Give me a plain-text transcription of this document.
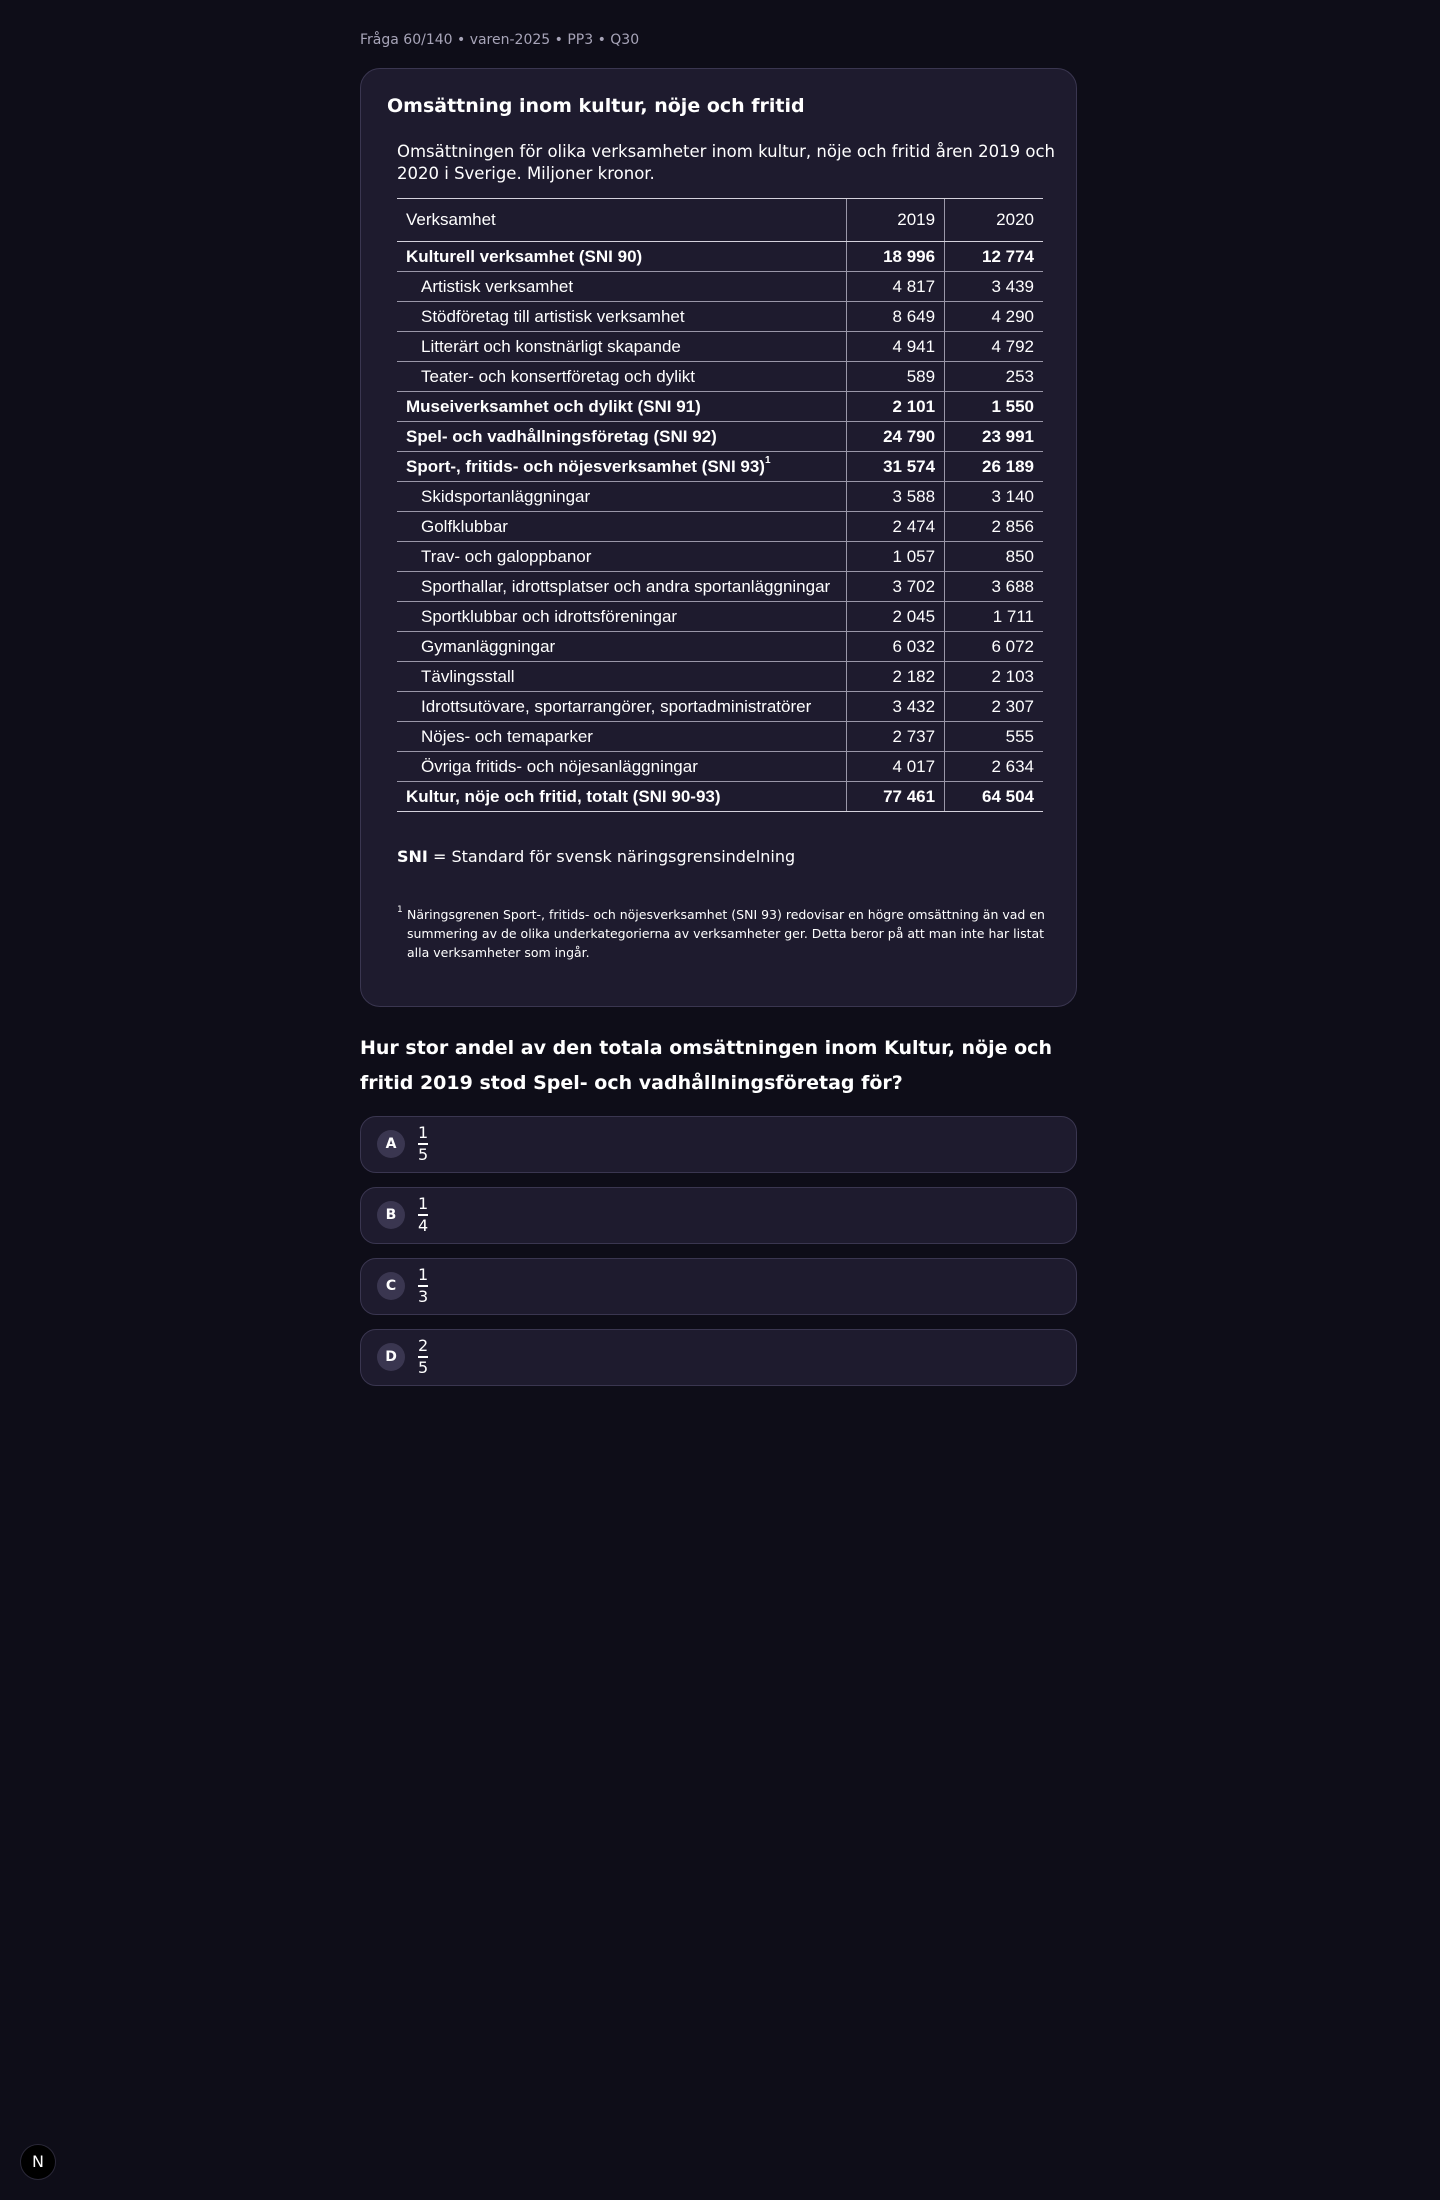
Fråga 60/140 • varen-2025 • PP3 • Q30
Omsättning inom kultur, nöje och fritid
Omsättningen för olika verksamheter inom kultur, nöje och fritid åren 2019 och 2020 i Sverige. Miljoner kronor.
Verksamhet	2019	2020
Kulturell verksamhet (SNI 90)	18 996	12 774
Artistisk verksamhet	4 817	3 439
Stödföretag till artistisk verksamhet	8 649	4 290
Litterärt och konstnärligt skapande	4 941	4 792
Teater- och konsertföretag och dylikt	589	253
Museiverksamhet och dylikt (SNI 91)	2 101	1 550
Spel- och vadhållningsföretag (SNI 92)	24 790	23 991
Sport-, fritids- och nöjesverksamhet (SNI 93)$^1$	31 574	26 189
Skidsportanläggningar	3 588	3 140
Golfklubbar	2 474	2 856
Trav- och galoppbanor	1 057	850
Sporthallar, idrottsplatser och andra sportanläggningar	3 702	3 688
Sportklubbar och idrottsföreningar	2 045	1 711
Gymanläggningar	6 032	6 072
Tävlingsstall	2 182	2 103
Idrottsutövare, sportarrangörer, sportadministratörer	3 432	2 307
Nöjes- och temaparker	2 737	555
Övriga fritids- och nöjesanläggningar	4 017	2 634
Kultur, nöje och fritid, totalt (SNI 90-93)	77 461	64 504
SNI = Standard för svensk näringsgrensindelning
1 Näringsgrenen Sport-, fritids- och nöjesverksamhet (SNI 93) redovisar en högre omsättning än vad en summering av de olika underkategorierna av verksamheter ger. Detta beror på att man inte har listat alla verksamheter som ingår.
Hur stor andel av den totala omsättningen inom Kultur, nöje och fritid 2019 stod Spel- och vadhållningsföretag för?
A
1
5
B
1
4
C
1
3
D
2
5
N
